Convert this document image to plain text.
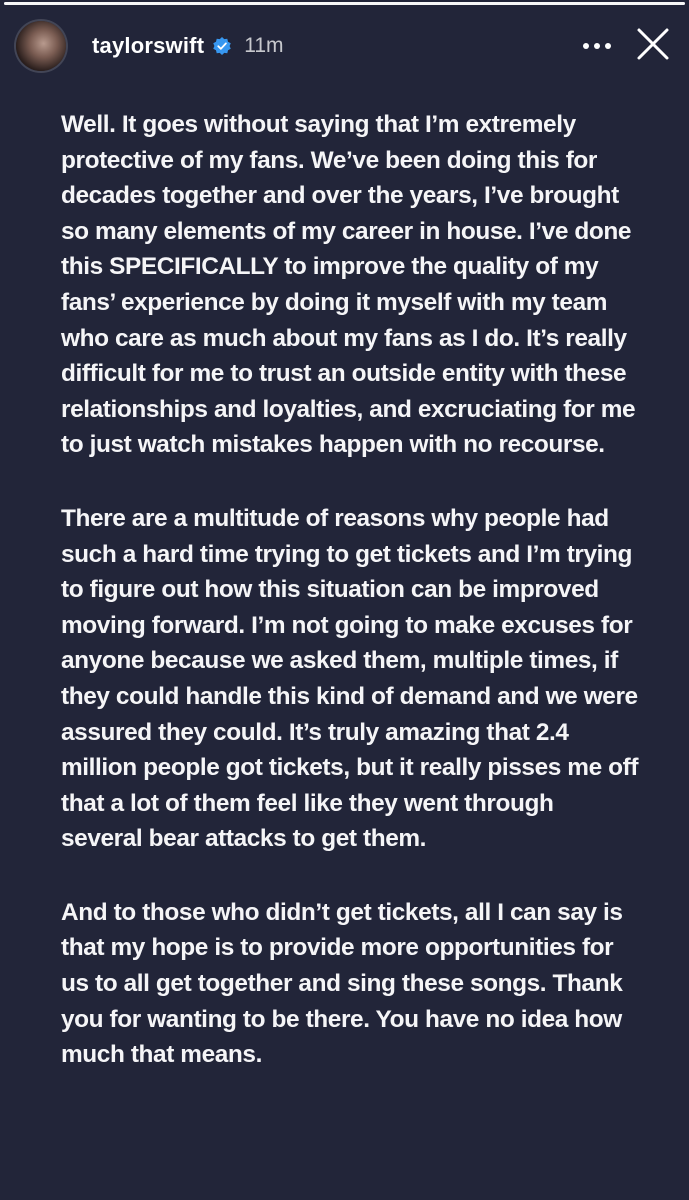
taylorswift 11m

Well. It goes without saying that I’m extremely protective of my fans. We’ve been doing this for decades together and over the years, I’ve brought so many elements of my career in house. I’ve done this SPECIFICALLY to improve the quality of my fans’ experience by doing it myself with my team who care as much about my fans as I do. It’s really difficult for me to trust an outside entity with these relationships and loyalties, and excruciating for me to just watch mistakes happen with no recourse.

There are a multitude of reasons why people had such a hard time trying to get tickets and I’m trying to figure out how this situation can be improved moving forward. I’m not going to make excuses for anyone because we asked them, multiple times, if they could handle this kind of demand and we were assured they could. It’s truly amazing that 2.4 million people got tickets, but it really pisses me off that a lot of them feel like they went through several bear attacks to get them.

And to those who didn’t get tickets, all I can say is that my hope is to provide more opportunities for us to all get together and sing these songs. Thank you for wanting to be there. You have no idea how much that means.
